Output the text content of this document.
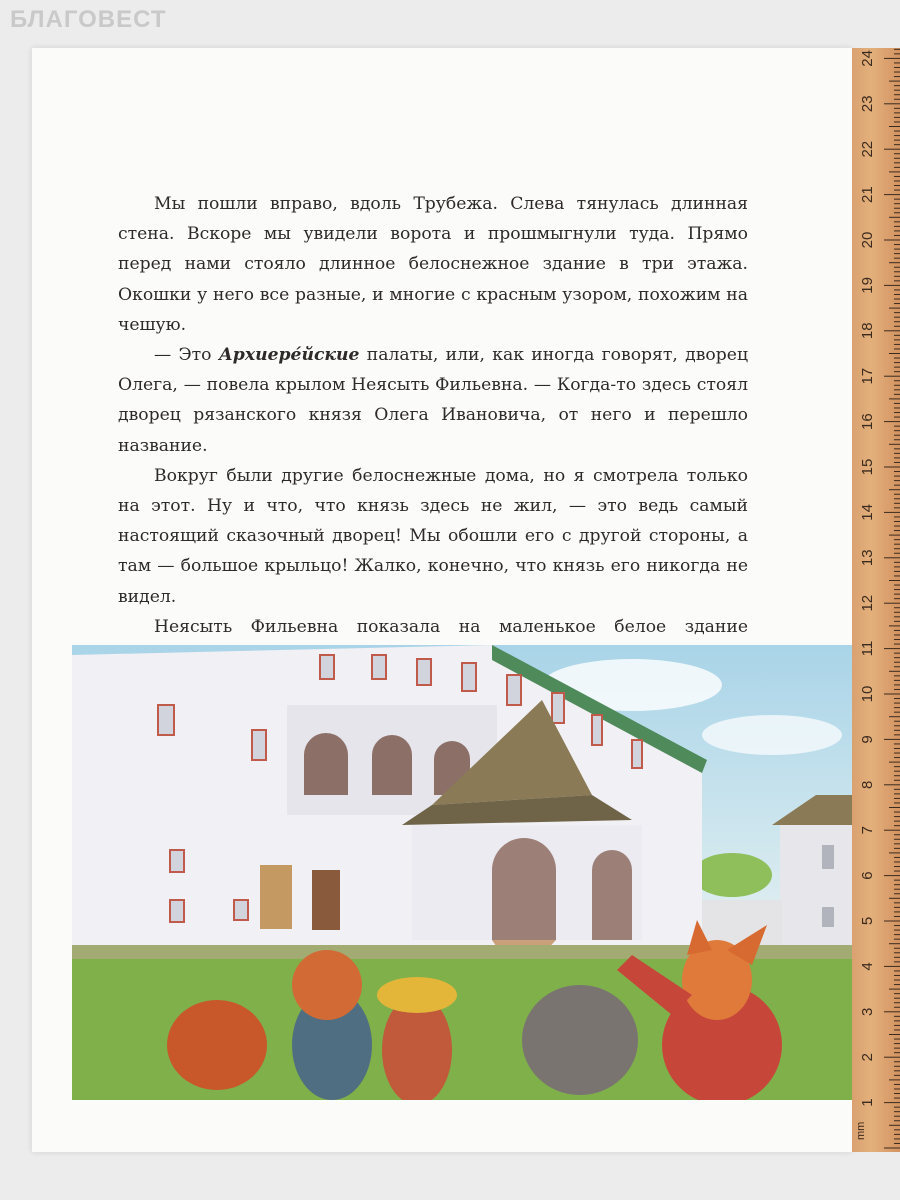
БЛАГОВЕСТ

Мы пошли вправо, вдоль Трубежа. Слева тянулась длинная стена. Вскоре мы увидели ворота и прошмыгнули туда. Прямо перед нами стояло длинное белоснежное здание в три этажа. Окошки у него все разные, и многие с красным узором, похожим на чешую.

— Это Архиере́йские палаты, или, как иногда говорят, дворец Олега, — повела крылом Неясыть Фильевна. — Когда-то здесь стоял дворец рязанского князя Олега Ивановича, от него и перешло название.

Вокруг были другие белоснежные дома, но я смотрела только на этот. Ну и что, что князь здесь не жил, — это ведь самый настоящий сказочный дворец! Мы обошли его с другой стороны, а там — большое крыльцо! Жалко, конечно, что князь его никогда не видел.

Неясыть Фильевна показала на маленькое белое здание

1
2
3
4
5
6
7
8
9
10
11
12
13
14
15
16
17
18
19
20
21
22
23
24
mm
